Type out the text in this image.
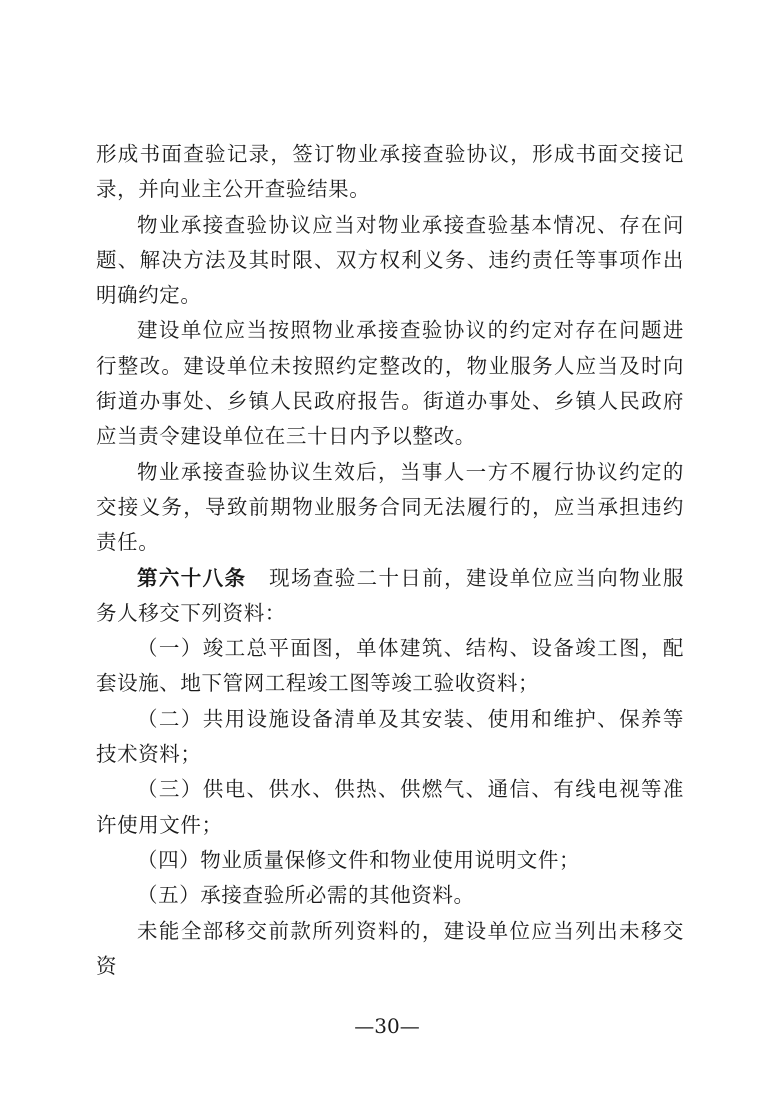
形成书面查验记录，签订物业承接查验协议，形成书面交接记录，并向业主公开查验结果。

物业承接查验协议应当对物业承接查验基本情况、存在问题、解决方法及其时限、双方权利义务、违约责任等事项作出明确约定。

建设单位应当按照物业承接查验协议的约定对存在问题进行整改。建设单位未按照约定整改的，物业服务人应当及时向街道办事处、乡镇人民政府报告。街道办事处、乡镇人民政府应当责令建设单位在三十日内予以整改。

物业承接查验协议生效后，当事人一方不履行协议约定的交接义务，导致前期物业服务合同无法履行的，应当承担违约责任。

第六十八条 现场查验二十日前，建设单位应当向物业服务人移交下列资料：

（一）竣工总平面图，单体建筑、结构、设备竣工图，配套设施、地下管网工程竣工图等竣工验收资料；

（二）共用设施设备清单及其安装、使用和维护、保养等技术资料；

（三）供电、供水、供热、供燃气、通信、有线电视等准许使用文件；

（四）物业质量保修文件和物业使用说明文件；

（五）承接查验所必需的其他资料。

未能全部移交前款所列资料的，建设单位应当列出未移交资

—30—
